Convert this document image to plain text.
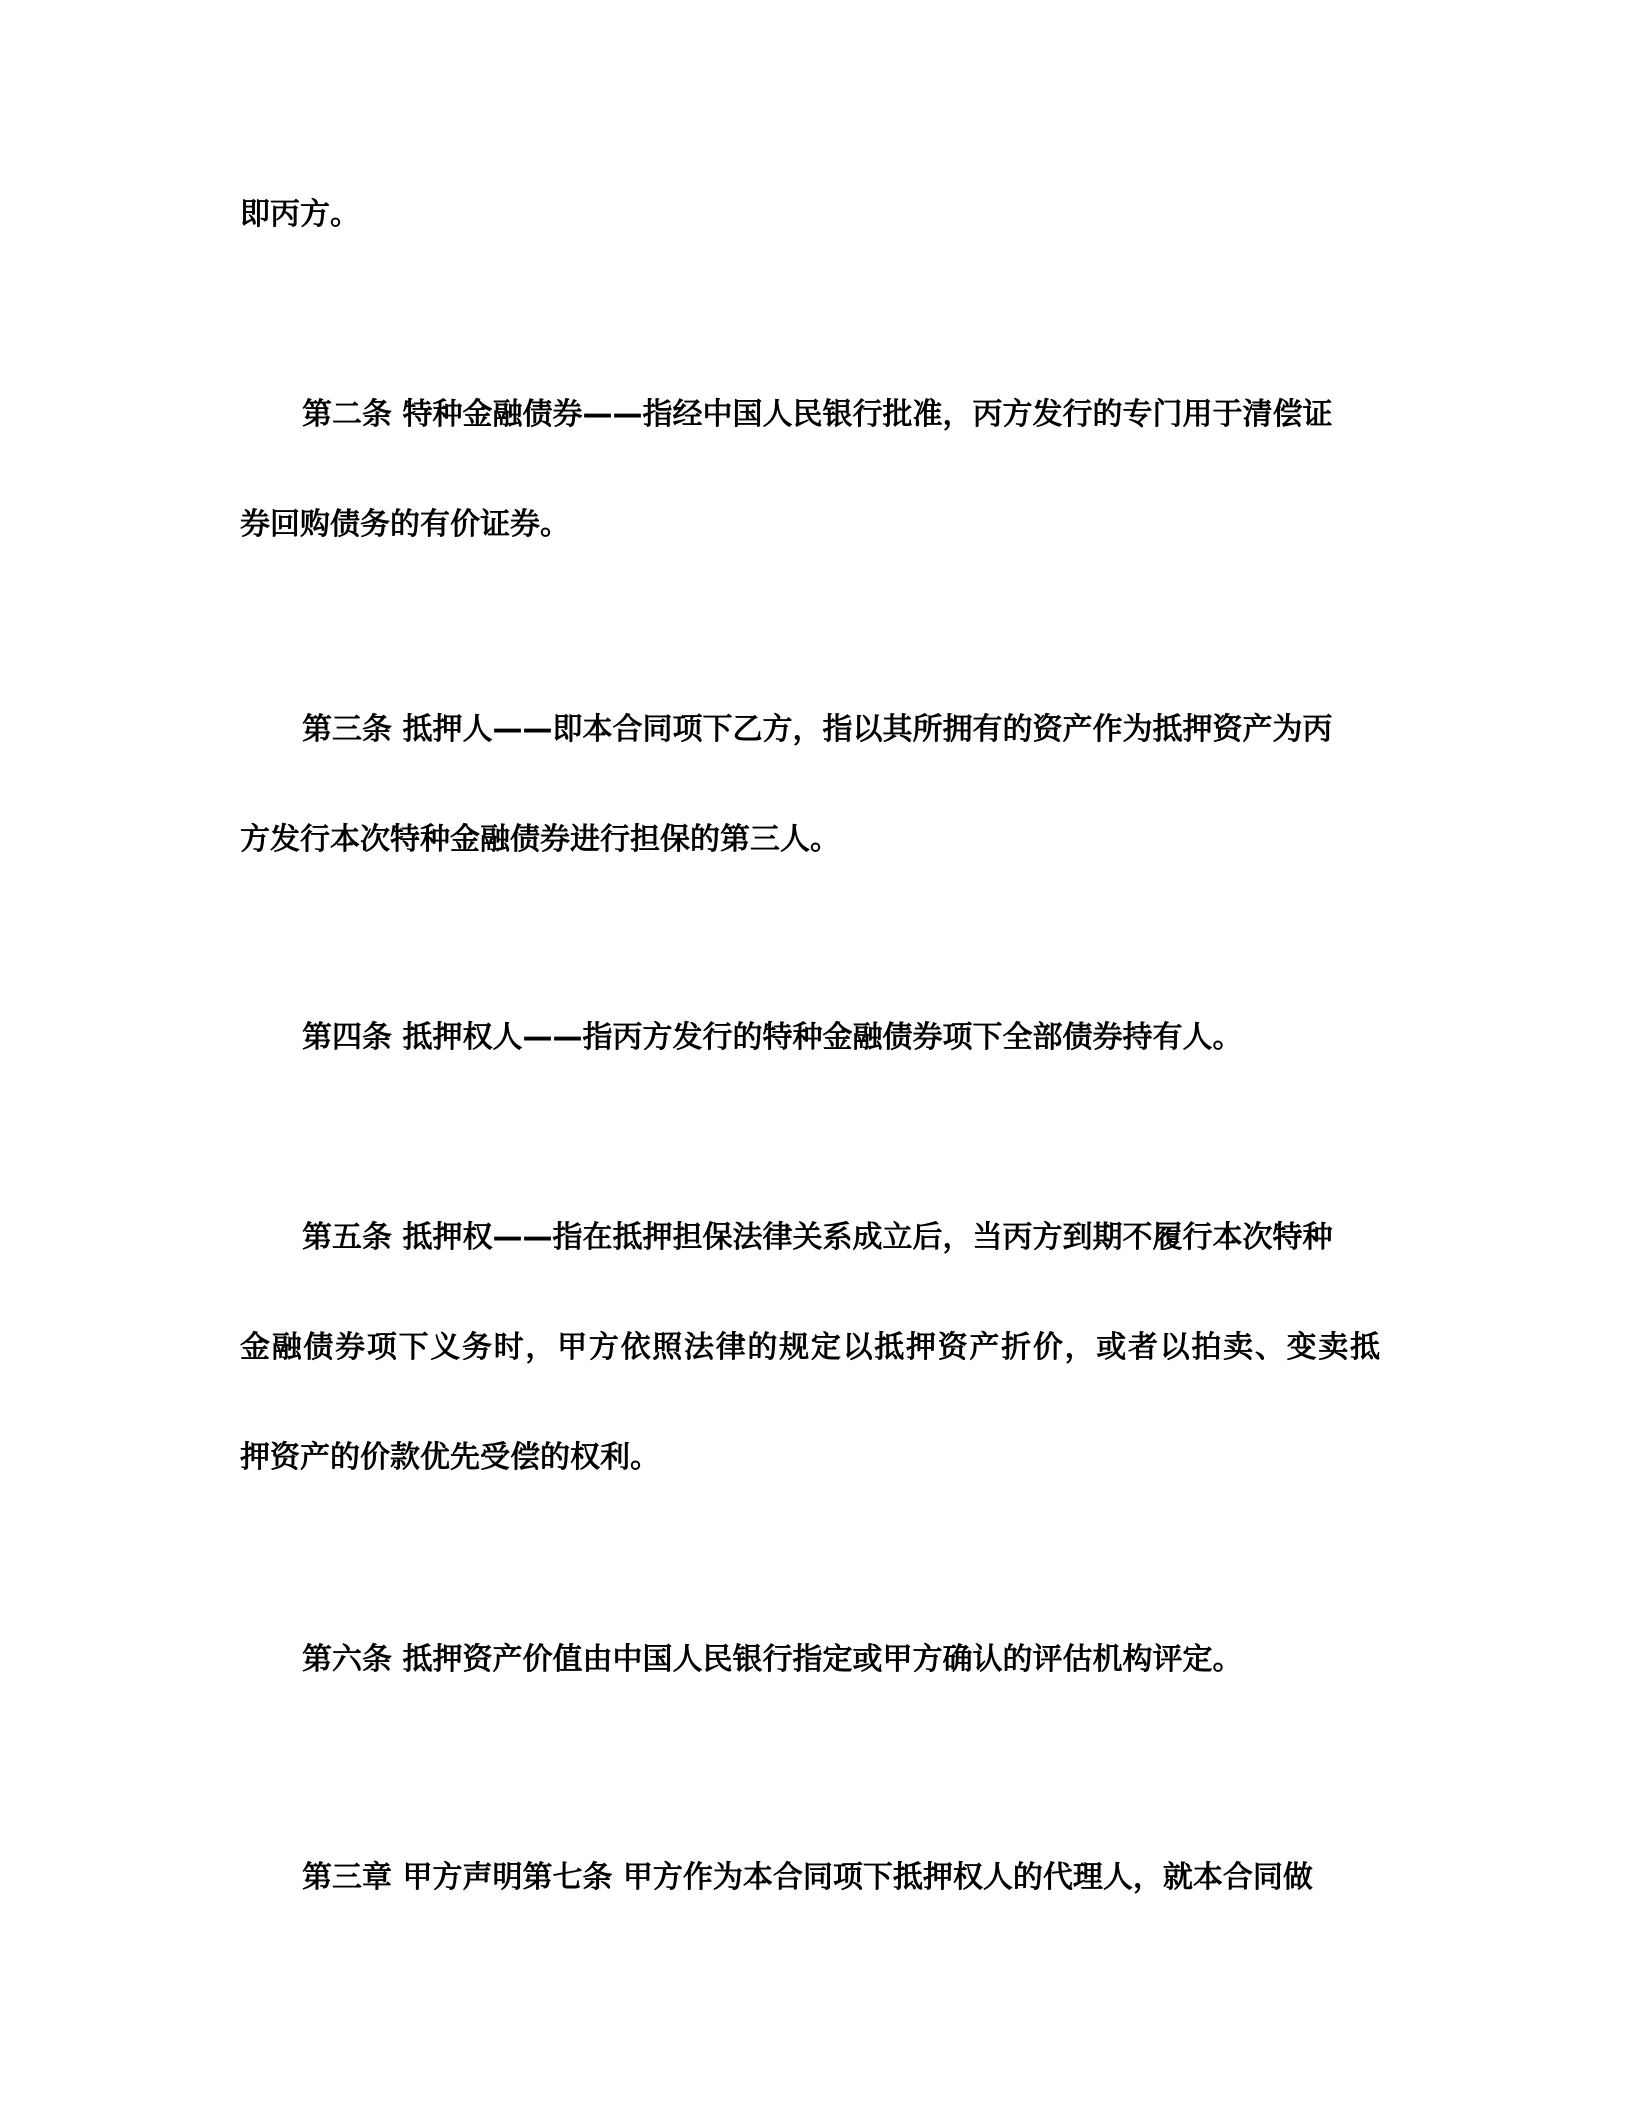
即丙方。
第二条 特种金融债券——指经中国人民银行批准，丙方发行的专门用于清偿证
券回购债务的有价证券。
第三条 抵押人——即本合同项下乙方，指以其所拥有的资产作为抵押资产为丙
方发行本次特种金融债券进行担保的第三人。
第四条 抵押权人——指丙方发行的特种金融债券项下全部债券持有人。
第五条 抵押权——指在抵押担保法律关系成立后，当丙方到期不履行本次特种
金融债券项下义务时，甲方依照法律的规定以抵押资产折价，或者以拍卖、变卖抵
押资产的价款优先受偿的权利。
第六条 抵押资产价值由中国人民银行指定或甲方确认的评估机构评定。
第三章 甲方声明第七条 甲方作为本合同项下抵押权人的代理人，就本合同做
